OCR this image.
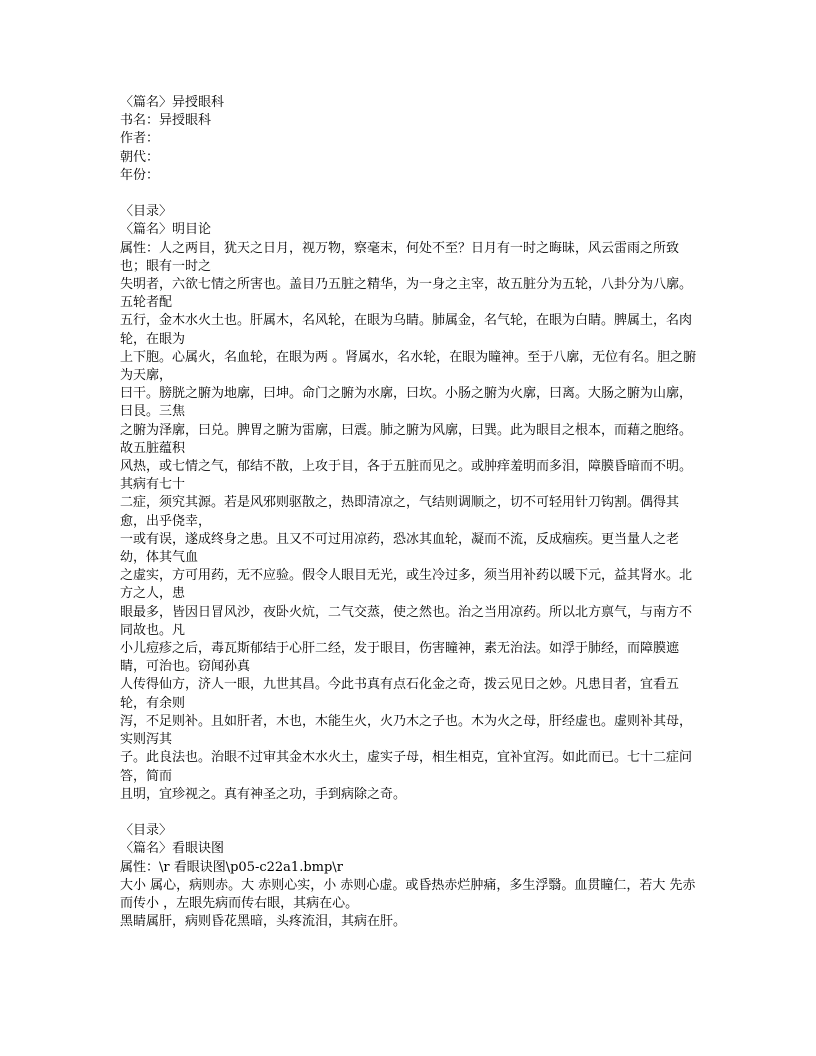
〈篇名〉异授眼科

书名：异授眼科

作者：

朝代：

年份：

〈目录〉

〈篇名〉明目论

属性：人之两目，犹天之日月，视万物，察毫末，何处不至？日月有一时之晦昧，风云雷雨之所致也；眼有一时之

失明者，六欲七情之所害也。盖目乃五脏之精华，为一身之主宰，故五脏分为五轮，八卦分为八廓。五轮者配

五行，金木水火土也。肝属木，名风轮，在眼为乌睛。肺属金，名气轮，在眼为白睛。脾属土，名肉轮，在眼为

上下胞。心属火，名血轮，在眼为两 。肾属水，名水轮，在眼为瞳神。至于八廓，无位有名。胆之腑为天廓，

曰干。膀胱之腑为地廓，曰坤。命门之腑为水廓，曰坎。小肠之腑为火廓，曰离。大肠之腑为山廓，曰艮。三焦

之腑为泽廓，曰兑。脾胃之腑为雷廓，曰震。肺之腑为风廓，曰巽。此为眼目之根本，而藉之胞络。故五脏蕴积

风热，或七情之气，郁结不散，上攻于目，各于五脏而见之。或肿痒羞明而多泪，障膜昏暗而不明。其病有七十

二症，须究其源。若是风邪则驱散之，热即清凉之，气结则调顺之，切不可轻用针刀钩割。偶得其愈，出乎侥幸，

一或有误，遂成终身之患。且又不可过用凉药，恐冰其血轮，凝而不流，反成痼疾。更当量人之老幼，体其气血

之虚实，方可用药，无不应验。假令人眼目无光，或生冷过多，须当用补药以暖下元，益其肾水。北方之人，患

眼最多，皆因日冒风沙，夜卧火炕，二气交蒸，使之然也。治之当用凉药。所以北方禀气，与南方不同故也。凡

小儿痘疹之后，毒瓦斯郁结于心肝二经，发于眼目，伤害瞳神，素无治法。如浮于肺经，而障膜遮睛，可治也。窃闻孙真

人传得仙方，济人一眼，九世其昌。今此书真有点石化金之奇，拨云见日之妙。凡患目者，宜看五轮，有余则

泻，不足则补。且如肝者，木也，木能生火，火乃木之子也。木为火之母，肝经虚也。虚则补其母，实则泻其

子。此良法也。治眼不过审其金木水火土，虚实子母，相生相克，宜补宜泻。如此而已。七十二症问答，简而

且明，宜珍视之。真有神圣之功，手到病除之奇。

〈目录〉

〈篇名〉看眼诀图

属性：\r 看眼诀图\p05-c22a1.bmp\r

大小 属心，病则赤。大 赤则心实，小 赤则心虚。或昏热赤烂肿痛，多生浮翳。血贯瞳仁，若大 先赤

而传小 ，左眼先病而传右眼，其病在心。

黑睛属肝，病则昏花黑暗，头疼流泪，其病在肝。
